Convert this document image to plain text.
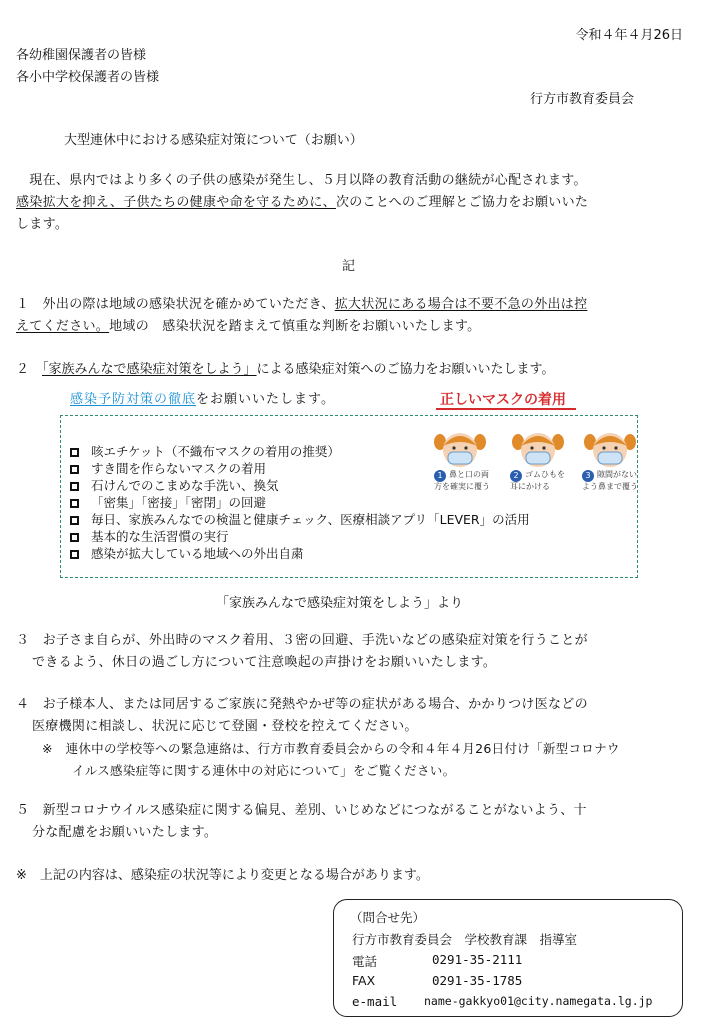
令和４年４月26日
各幼稚園保護者の皆様
各小中学校保護者の皆様
行方市教育委員会
大型連休中における感染症対策について（お願い）
　現在、県内ではより多くの子供の感染が発生し、５月以降の教育活動の継続が心配されます。
感染拡大を抑え、子供たちの健康や命を守るために、次のことへのご理解とご協力をお願いいた
します。
記
１　外出の際は地域の感染状況を確かめていただき、拡大状況にある場合は不要不急の外出は控
えてください。地域の　感染状況を踏まえて慎重な判断をお願いいたします。
２　「家族みんなで感染症対策をしよう」による感染症対策へのご協力をお願いいたします。
感染予防対策の徹底をお願いいたします。
咳エチケット（不織布マスクの着用の推奨）
すき間を作らないマスクの着用
石けんでのこまめな手洗い、換気
「密集」「密接」「密閉」の回避
毎日、家族みんなでの検温と健康チェック、医療相談アプリ「LEVER」の活用
基本的な生活習慣の実行
感染が拡大している地域への外出自粛
正しいマスクの着用
1 鼻と口の両方を確実に覆う
2 ゴムひもを耳にかける
3 隙間がないよう鼻まで覆う
「家族みんなで感染症対策をしよう」より
３　お子さま自らが、外出時のマスク着用、３密の回避、手洗いなどの感染症対策を行うことが
できるよう、休日の過ごし方について注意喚起の声掛けをお願いいたします。
４　お子様本人、または同居するご家族に発熱やかぜ等の症状がある場合、かかりつけ医などの
医療機関に相談し、状況に応じて登園・登校を控えてください。
※　連休中の学校等への緊急連絡は、行方市教育委員会からの令和４年４月26日付け「新型コロナウ
イルス感染症等に関する連休中の対応について」をご覧ください。
５　新型コロナウイルス感染症に関する偏見、差別、いじめなどにつながることがないよう、十
分な配慮をお願いいたします。
※　上記の内容は、感染症の状況等により変更となる場合があります。
（問合せ先）
行方市教育委員会　学校教育課　指導室
電話	0291-35-2111
FAX	0291-35-1785
e-mail name-gakkyo01@city.namegata.lg.jp
